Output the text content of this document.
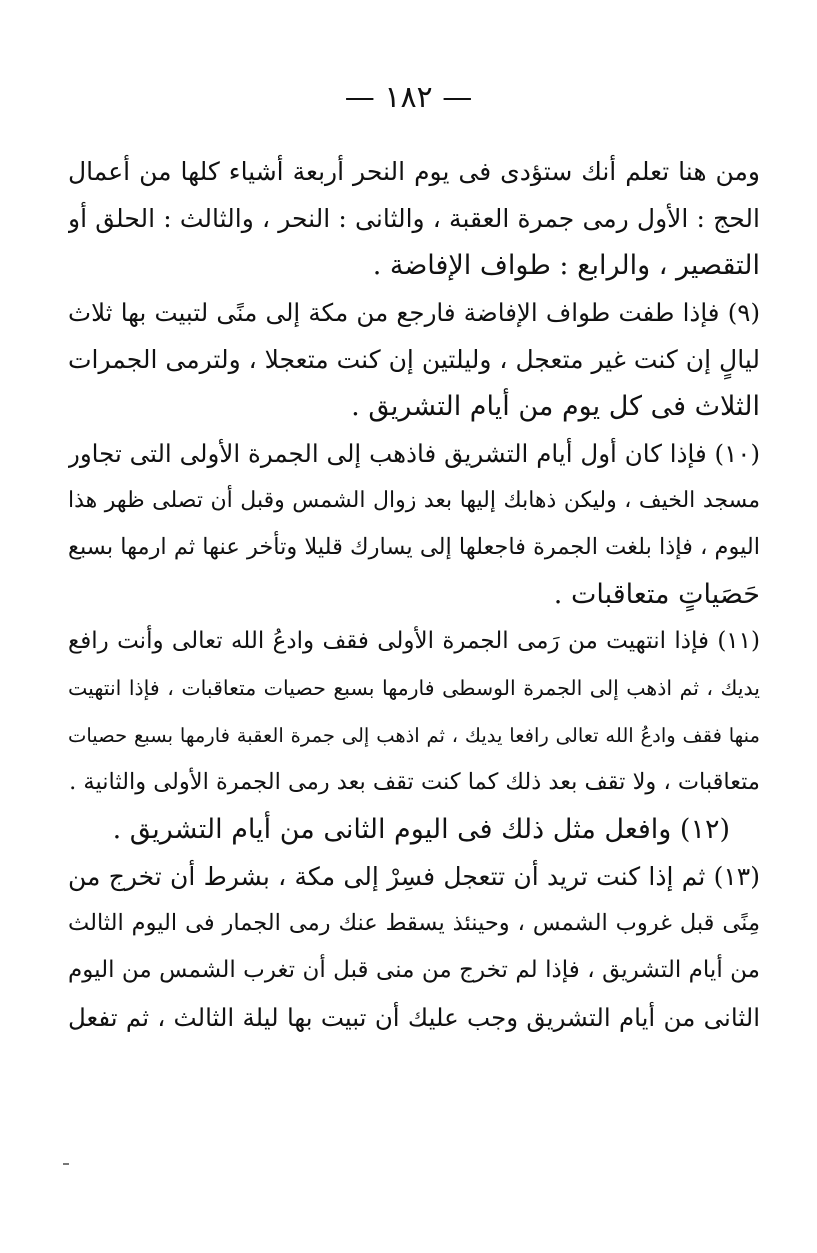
— ١٨٢ —
ومن هنا تعلم أنك ستؤدى فى يوم النحر أربعة أشياء كلها من أعمال
الحج : الأول رمى جمرة العقبة ، والثانى : النحر ، والثالث : الحلق أو
التقصير ، والرابع : طواف الإفاضة .
(٩) فإذا طفت طواف الإفاضة فارجع من مكة إلى منًى لتبيت بها ثلاث
ليالٍ إن كنت غير متعجل ، وليلتين إن كنت متعجلا ، ولترمى الجمرات
الثلاث فى كل يوم من أيام التشريق .
(١٠) فإذا كان أول أيام التشريق فاذهب إلى الجمرة الأولى التى تجاور
مسجد الخيف ، وليكن ذهابك إليها بعد زوال الشمس وقبل أن تصلى ظهر هذا
اليوم ، فإذا بلغت الجمرة فاجعلها إلى يسارك قليلا وتأخر عنها ثم ارمها بسبع
حَصَياتٍ متعاقبات .
(١١) فإذا انتهيت من رَمى الجمرة الأولى فقف وادعُ الله تعالى وأنت رافع
يديك ، ثم اذهب إلى الجمرة الوسطى فارمها بسبع حصيات متعاقبات ، فإذا انتهيت
منها فقف وادعُ الله تعالى رافعا يديك ، ثم اذهب إلى جمرة العقبة فارمها بسبع حصيات
متعاقبات ، ولا تقف بعد ذلك كما كنت تقف بعد رمى الجمرة الأولى والثانية .
(١٢) وافعل مثل ذلك فى اليوم الثانى من أيام التشريق .
(١٣) ثم إذا كنت تريد أن تتعجل فسِرْ إلى مكة ، بشرط أن تخرج من
مِنًى قبل غروب الشمس ، وحينئذ يسقط عنك رمى الجمار فى اليوم الثالث
من أيام التشريق ، فإذا لم تخرج من منى قبل أن تغرب الشمس من اليوم
الثانى من أيام التشريق وجب عليك أن تبيت بها ليلة الثالث ، ثم تفعل
